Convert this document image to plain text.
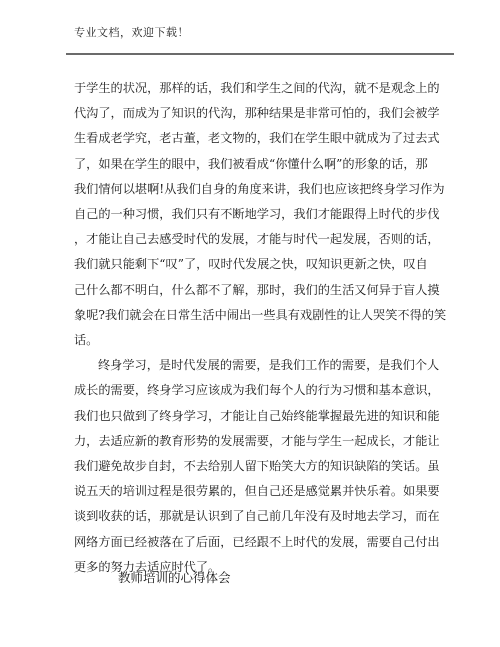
专业文档，欢迎下载！
于学生的状况，那样的话，我们和学生之间的代沟，就不是观念上的
代沟了，而成为了知识的代沟，那种结果是非常可怕的，我们会被学
生看成老学究，老古董，老文物的，我们在学生眼中就成为了过去式
了，如果在学生的眼中，我们被看成“你懂什么啊”的形象的话，那
我们情何以堪啊!从我们自身的角度来讲，我们也应该把终身学习作为
自己的一种习惯，我们只有不断地学习，我们才能跟得上时代的步伐
，才能让自己去感受时代的发展，才能与时代一起发展，否则的话，
我们就只能剩下“叹”了，叹时代发展之快，叹知识更新之快，叹自
己什么都不明白，什么都不了解，那时，我们的生活又何异于盲人摸
象呢?我们就会在日常生活中闹出一些具有戏剧性的让人哭笑不得的笑
话。
终身学习，是时代发展的需要，是我们工作的需要，是我们个人
成长的需要，终身学习应该成为我们每个人的行为习惯和基本意识，
我们也只做到了终身学习，才能让自己始终能掌握最先进的知识和能
力，去适应新的教育形势的发展需要，才能与学生一起成长，才能让
我们避免故步自封，不去给别人留下贻笑大方的知识缺陷的笑话。虽
说五天的培训过程是很劳累的，但自己还是感觉累并快乐着。如果要
谈到收获的话，那就是认识到了自己前几年没有及时地去学习，而在
网络方面已经被落在了后面，已经跟不上时代的发展，需要自己付出
更多的努力去适应时代了。
教师培训的心得体会
